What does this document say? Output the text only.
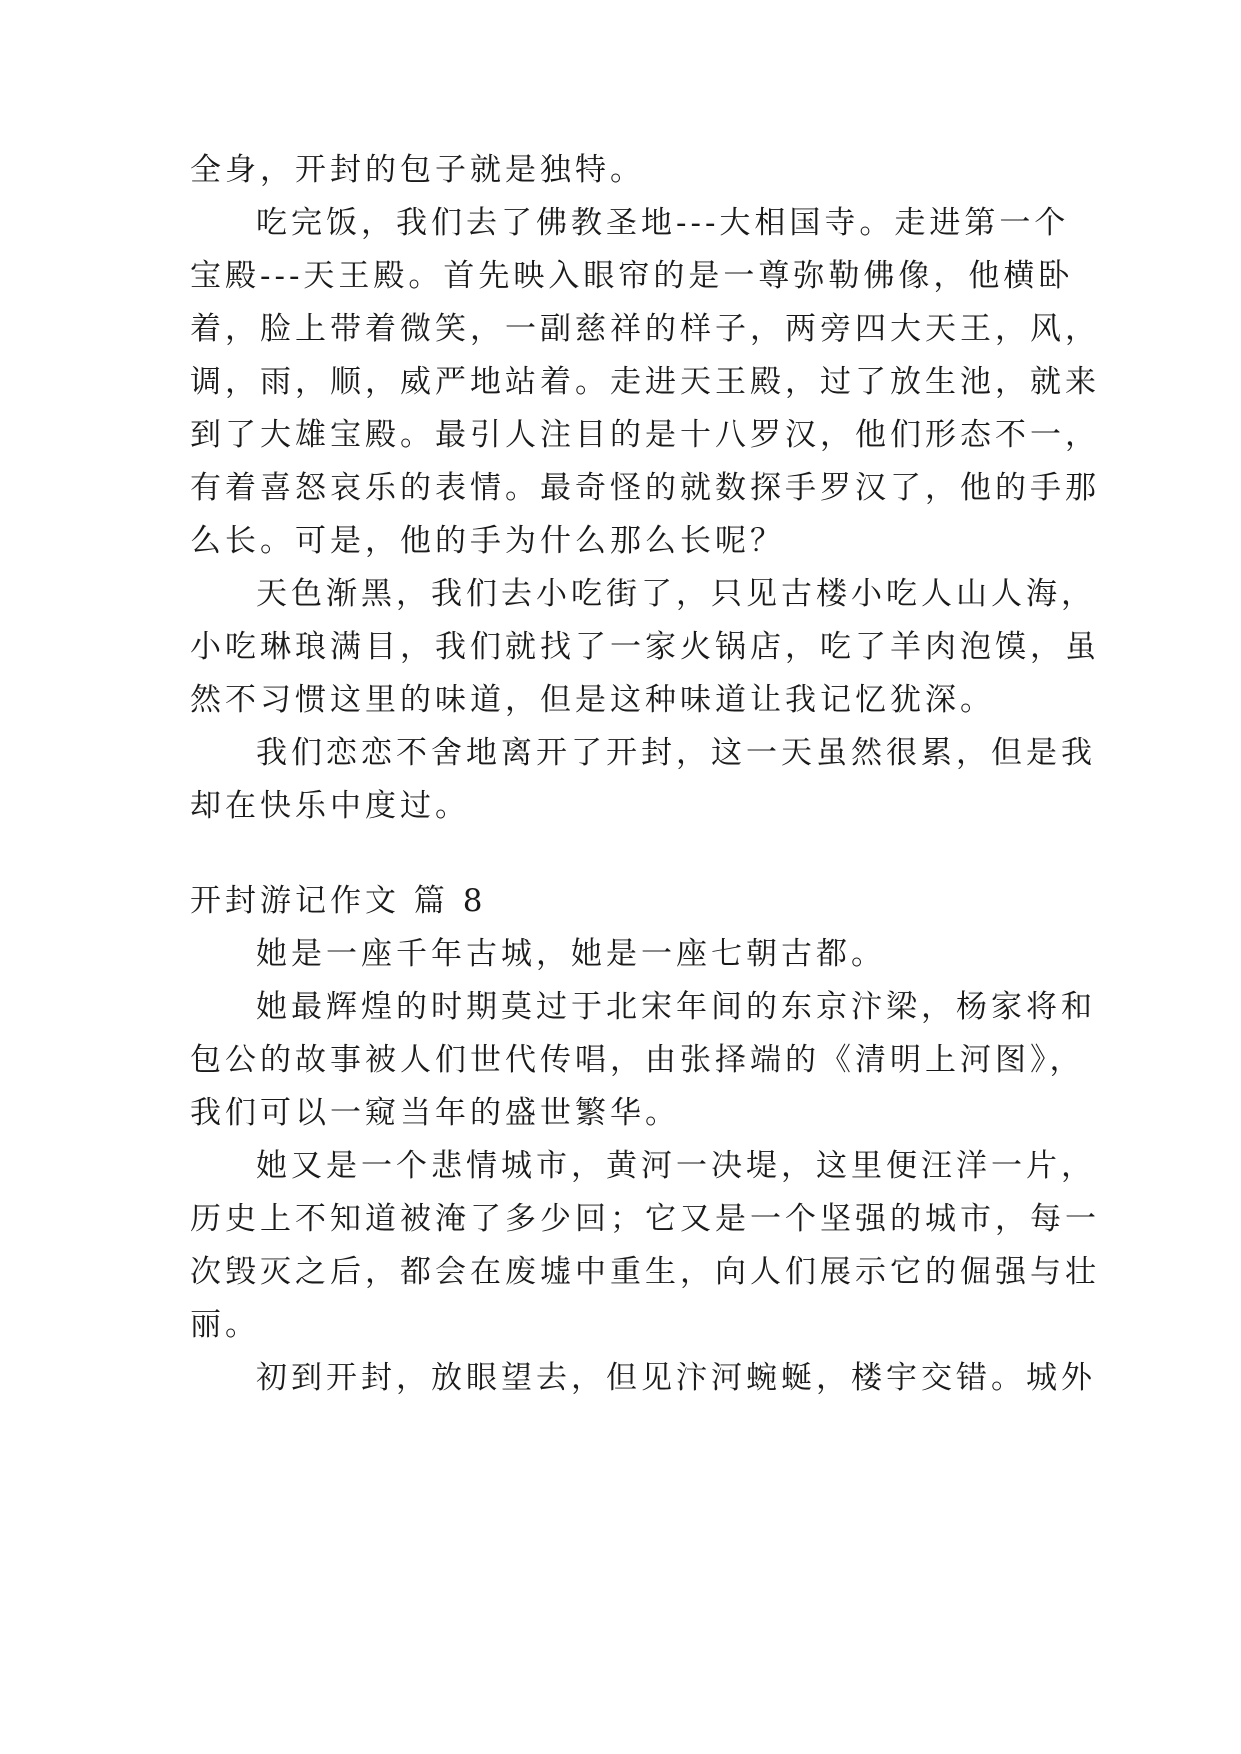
全身，开封的包子就是独特。
吃完饭，我们去了佛教圣地---大相国寺。走进第一个
宝殿---天王殿。首先映入眼帘的是一尊弥勒佛像，他横卧
着，脸上带着微笑，一副慈祥的样子，两旁四大天王，风，
调，雨，顺，威严地站着。走进天王殿，过了放生池，就来
到了大雄宝殿。最引人注目的是十八罗汉，他们形态不一，
有着喜怒哀乐的表情。最奇怪的就数探手罗汉了，他的手那
么长。可是，他的手为什么那么长呢？
天色渐黑，我们去小吃街了，只见古楼小吃人山人海，
小吃琳琅满目，我们就找了一家火锅店，吃了羊肉泡馍，虽
然不习惯这里的味道，但是这种味道让我记忆犹深。
我们恋恋不舍地离开了开封，这一天虽然很累，但是我
却在快乐中度过。
开封游记作文 篇 8
她是一座千年古城，她是一座七朝古都。
她最辉煌的时期莫过于北宋年间的东京汴梁，杨家将和
包公的故事被人们世代传唱，由张择端的《清明上河图》，
我们可以一窥当年的盛世繁华。
她又是一个悲情城市，黄河一决堤，这里便汪洋一片，
历史上不知道被淹了多少回；它又是一个坚强的城市，每一
次毁灭之后，都会在废墟中重生，向人们展示它的倔强与壮
丽。
初到开封，放眼望去，但见汴河蜿蜒，楼宇交错。城外
